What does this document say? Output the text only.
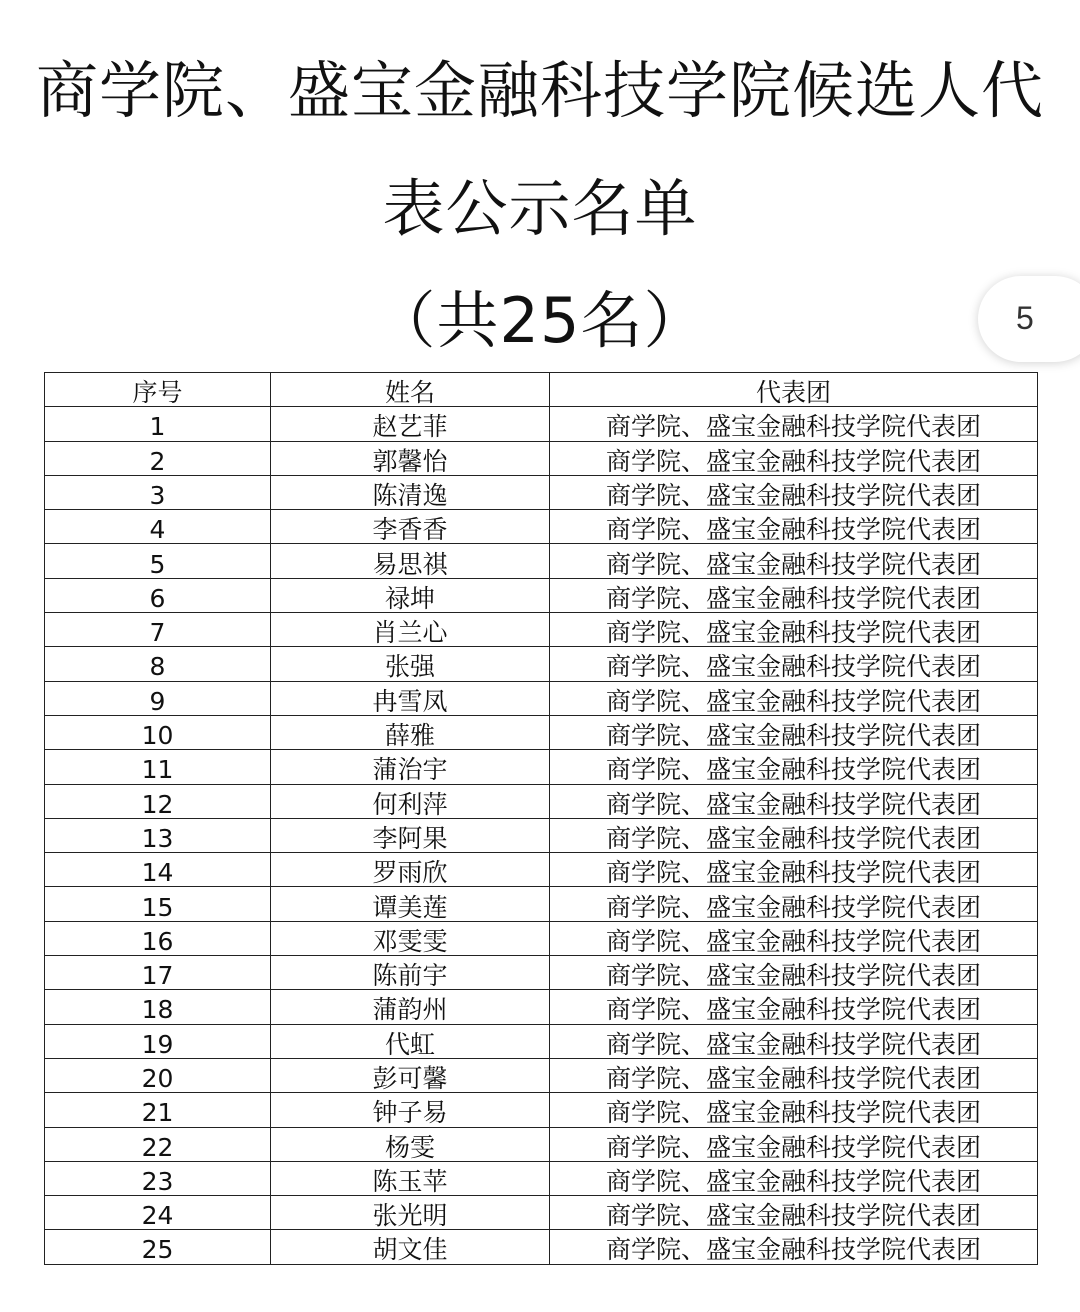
商学院、盛宝金融科技学院候选人代
表公示名单
（共25名）	5
序号	姓名	代表团
1	赵艺菲	商学院、盛宝金融科技学院代表团
2	郭馨怡	商学院、盛宝金融科技学院代表团
3	陈清逸	商学院、盛宝金融科技学院代表团
4	李香香	商学院、盛宝金融科技学院代表团
5	易思祺	商学院、盛宝金融科技学院代表团
6	禄坤	商学院、盛宝金融科技学院代表团
7	肖兰心	商学院、盛宝金融科技学院代表团
8	张强	商学院、盛宝金融科技学院代表团
9	冉雪凤	商学院、盛宝金融科技学院代表团
10	薛雅	商学院、盛宝金融科技学院代表团
11	蒲治宇	商学院、盛宝金融科技学院代表团
12	何利萍	商学院、盛宝金融科技学院代表团
13	李阿果	商学院、盛宝金融科技学院代表团
14	罗雨欣	商学院、盛宝金融科技学院代表团
15	谭美莲	商学院、盛宝金融科技学院代表团
16	邓雯雯	商学院、盛宝金融科技学院代表团
17	陈前宇	商学院、盛宝金融科技学院代表团
18	蒲韵州	商学院、盛宝金融科技学院代表团
19	代虹	商学院、盛宝金融科技学院代表团
20	彭可馨	商学院、盛宝金融科技学院代表团
21	钟子易	商学院、盛宝金融科技学院代表团
22	杨雯	商学院、盛宝金融科技学院代表团
23	陈玉苹	商学院、盛宝金融科技学院代表团
24	张光明	商学院、盛宝金融科技学院代表团
25	胡文佳	商学院、盛宝金融科技学院代表团
